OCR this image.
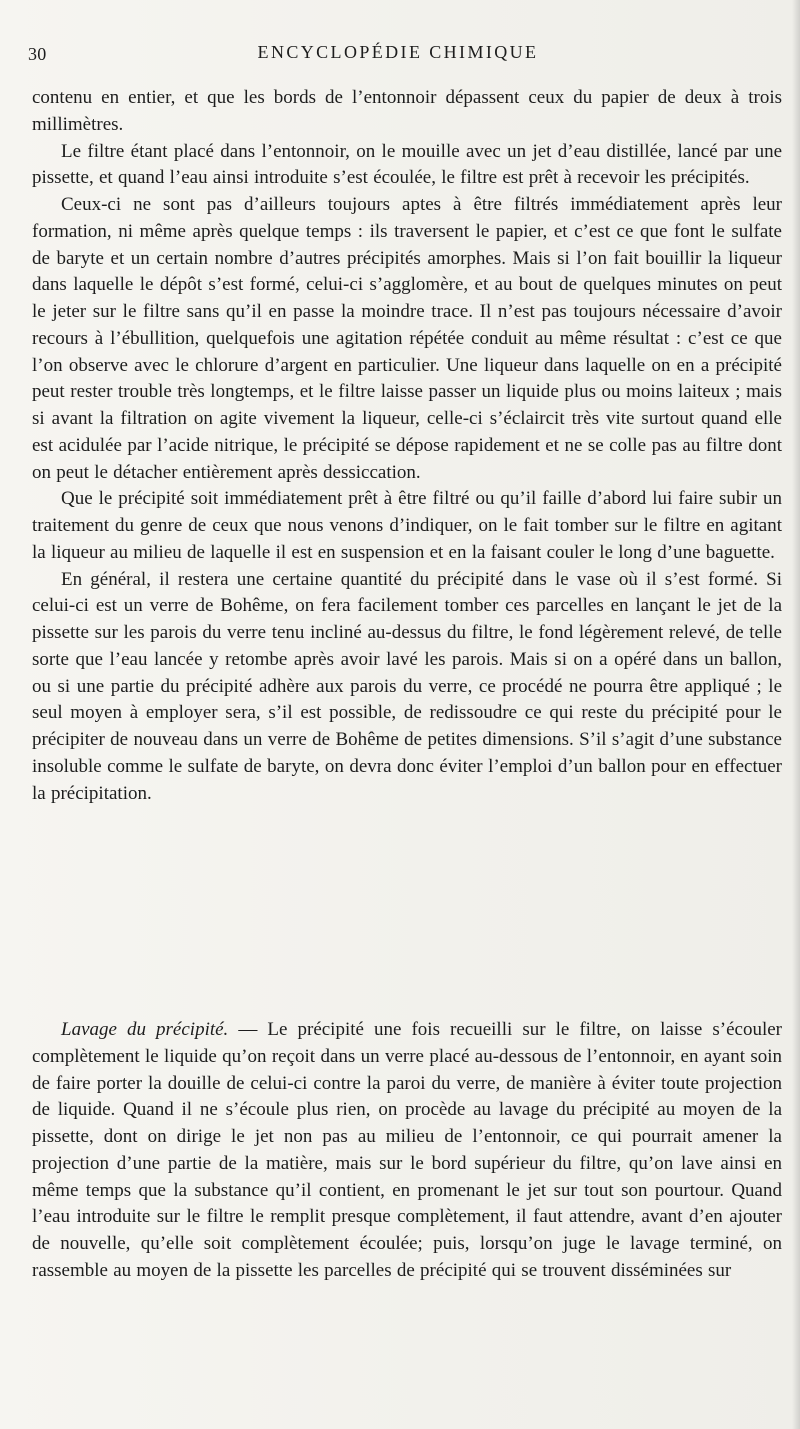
30	ENCYCLOPÉDIE CHIMIQUE

contenu en entier, et que les bords de l’entonnoir dépassent ceux du papier de deux à trois millimètres.

Le filtre étant placé dans l’entonnoir, on le mouille avec un jet d’eau distillée, lancé par une pissette, et quand l’eau ainsi introduite s’est écoulée, le filtre est prêt à recevoir les précipités.

Ceux-ci ne sont pas d’ailleurs toujours aptes à être filtrés immédiatement après leur formation, ni même après quelque temps : ils traversent le papier, et c’est ce que font le sulfate de baryte et un certain nombre d’autres précipités amorphes. Mais si l’on fait bouillir la liqueur dans laquelle le dépôt s’est formé, celui-ci s’agglomère, et au bout de quelques minutes on peut le jeter sur le filtre sans qu’il en passe la moindre trace. Il n’est pas toujours nécessaire d’avoir recours à l’ébullition, quelquefois une agitation répétée conduit au même résultat : c’est ce que l’on observe avec le chlorure d’argent en particulier. Une liqueur dans laquelle on en a précipité peut rester trouble très longtemps, et le filtre laisse passer un liquide plus ou moins laiteux ; mais si avant la filtration on agite vivement la liqueur, celle-ci s’éclaircit très vite surtout quand elle est acidulée par l’acide nitrique, le précipité se dépose rapidement et ne se colle pas au filtre dont on peut le détacher entièrement après dessiccation.

Que le précipité soit immédiatement prêt à être filtré ou qu’il faille d’abord lui faire subir un traitement du genre de ceux que nous venons d’indiquer, on le fait tomber sur le filtre en agitant la liqueur au milieu de laquelle il est en suspension et en la faisant couler le long d’une baguette.

En général, il restera une certaine quantité du précipité dans le vase où il s’est formé. Si celui-ci est un verre de Bohême, on fera facilement tomber ces parcelles en lançant le jet de la pissette sur les parois du verre tenu incliné au-dessus du filtre, le fond légèrement relevé, de telle sorte que l’eau lancée y retombe après avoir lavé les parois. Mais si on a opéré dans un ballon, ou si une partie du précipité adhère aux parois du verre, ce procédé ne pourra être appliqué ; le seul moyen à employer sera, s’il est possible, de redissoudre ce qui reste du précipité pour le précipiter de nouveau dans un verre de Bohême de petites dimensions. S’il s’agit d’une substance insoluble comme le sulfate de baryte, on devra donc éviter l’emploi d’un ballon pour en effectuer la précipitation.

Lavage du précipité. — Le précipité une fois recueilli sur le filtre, on laisse s’écouler complètement le liquide qu’on reçoit dans un verre placé au-dessous de l’entonnoir, en ayant soin de faire porter la douille de celui-ci contre la paroi du verre, de manière à éviter toute projection de liquide. Quand il ne s’écoule plus rien, on procède au lavage du précipité au moyen de la pissette, dont on dirige le jet non pas au milieu de l’entonnoir, ce qui pourrait amener la projection d’une partie de la matière, mais sur le bord supérieur du filtre, qu’on lave ainsi en même temps que la substance qu’il contient, en promenant le jet sur tout son pourtour. Quand l’eau introduite sur le filtre le remplit presque complètement, il faut attendre, avant d’en ajouter de nouvelle, qu’elle soit complètement écoulée; puis, lorsqu’on juge le lavage terminé, on rassemble au moyen de la pissette les parcelles de précipité qui se trouvent disséminées sur
